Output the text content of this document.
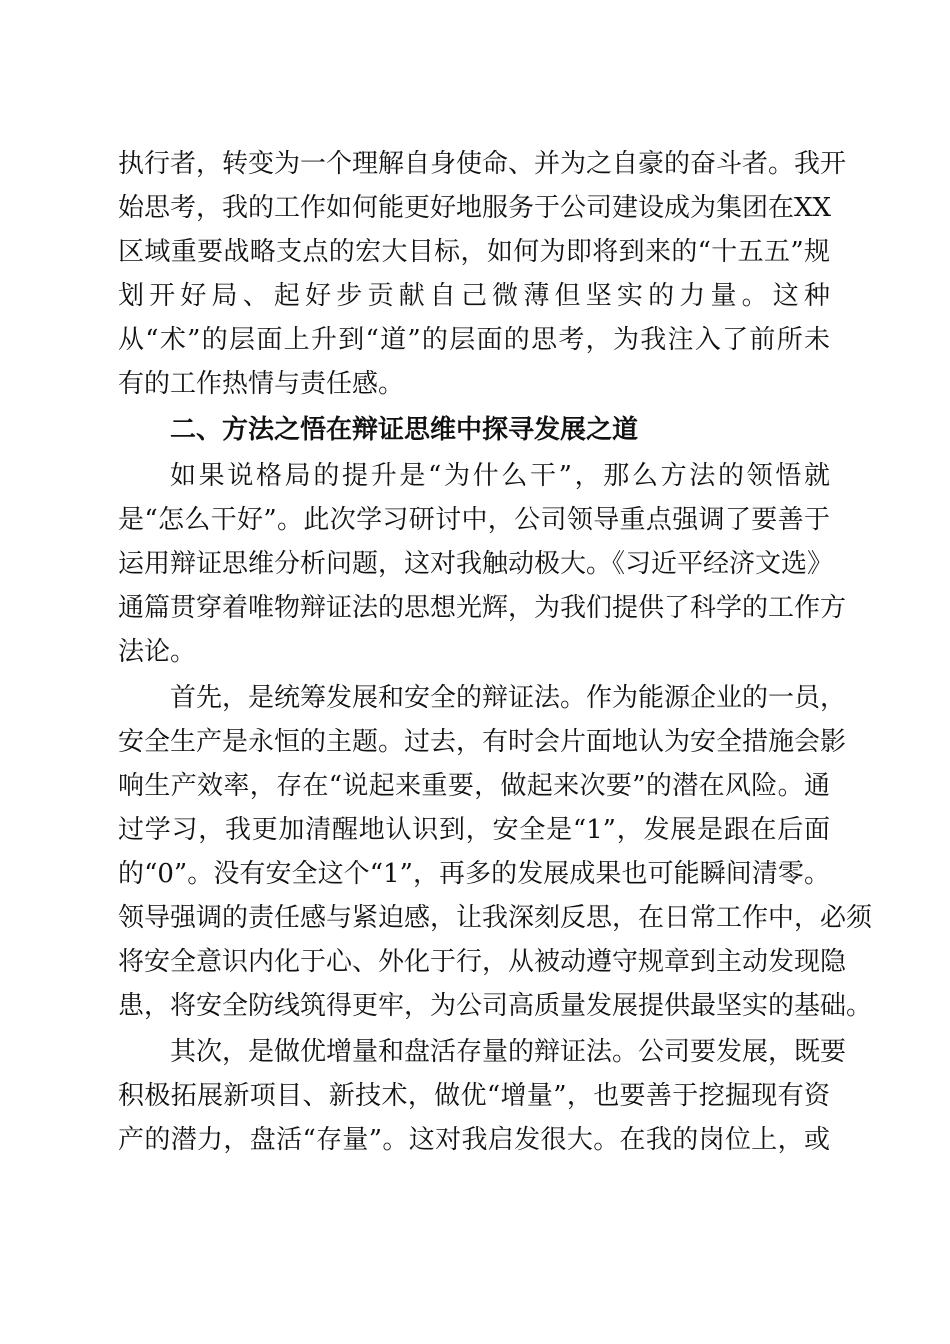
执行者，转变为一个理解自身使命、并为之自豪的奋斗者。我开
始思考，我的工作如何能更好地服务于公司建设成为集团在XX
区域重要战略支点的宏大目标，如何为即将到来的“十五五”规
划开好局、起好步贡献自己微薄但坚实的力量。这种
从“术”的层面上升到“道”的层面的思考，为我注入了前所未
有的工作热情与责任感。
二、方法之悟在辩证思维中探寻发展之道
如果说格局的提升是“为什么干”，那么方法的领悟就
是“怎么干好”。此次学习研讨中，公司领导重点强调了要善于
运用辩证思维分析问题，这对我触动极大。《习近平经济文选》
通篇贯穿着唯物辩证法的思想光辉，为我们提供了科学的工作方
法论。
首先，是统筹发展和安全的辩证法。作为能源企业的一员，
安全生产是永恒的主题。过去，有时会片面地认为安全措施会影
响生产效率，存在“说起来重要，做起来次要”的潜在风险。通
过学习，我更加清醒地认识到，安全是“1”，发展是跟在后面
的“0”。没有安全这个“1”，再多的发展成果也可能瞬间清零。
领导强调的责任感与紧迫感，让我深刻反思，在日常工作中，必须
将安全意识内化于心、外化于行，从被动遵守规章到主动发现隐
患，将安全防线筑得更牢，为公司高质量发展提供最坚实的基础。
其次，是做优增量和盘活存量的辩证法。公司要发展，既要
积极拓展新项目、新技术，做优“增量”，也要善于挖掘现有资
产的潜力，盘活“存量”。这对我启发很大。在我的岗位上，或
